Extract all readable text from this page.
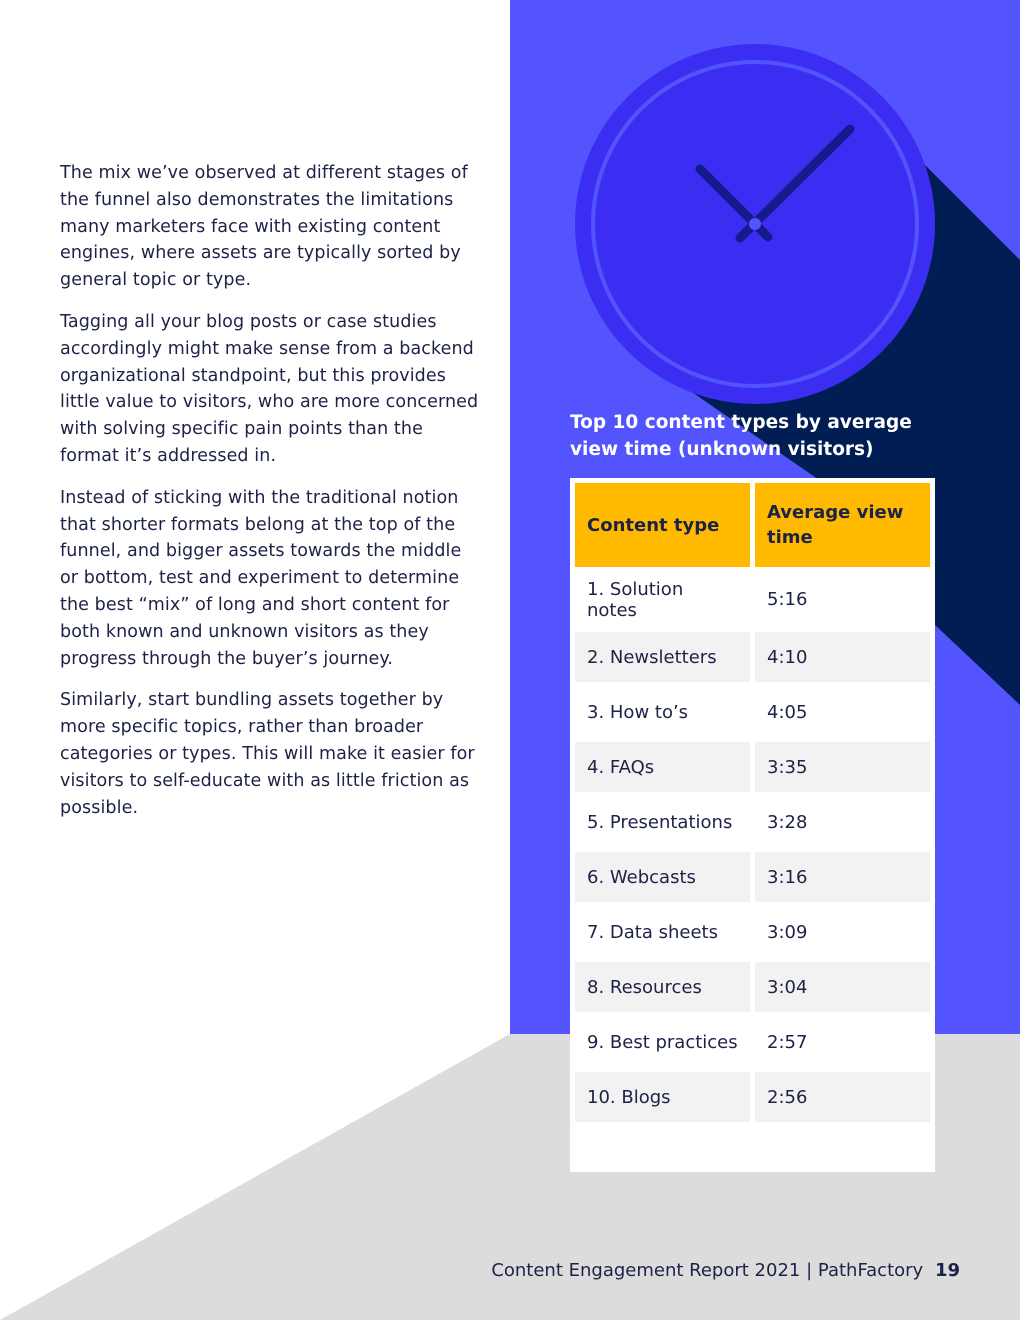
The mix we’ve observed at different stages of the funnel also demonstrates the limitations many marketers face with existing content engines, where assets are typically sorted by general topic or type.

Tagging all your blog posts or case studies accordingly might make sense from a backend organizational standpoint, but this provides little value to visitors, who are more concerned with solving specific pain points than the format it’s addressed in.

Instead of sticking with the traditional notion that shorter formats belong at the top of the funnel, and bigger assets towards the middle or bottom, test and experiment to determine the best “mix” of long and short content for both known and unknown visitors as they progress through the buyer’s journey.

Similarly, start bundling assets together by more specific topics, rather than broader categories or types. This will make it easier for visitors to self-educate with as little friction as possible.

Top 10 content types by average view time (unknown visitors)
Content type	Average view time
1. Solution notes	5:16
2. Newsletters	4:10
3. How to’s	4:05
4. FAQs	3:35
5. Presentations	3:28
6. Webcasts	3:16
7. Data sheets	3:09
8. Resources	3:04
9. Best practices	2:57
10. Blogs	2:56
Content Engagement Report 2021 | PathFactory 19
